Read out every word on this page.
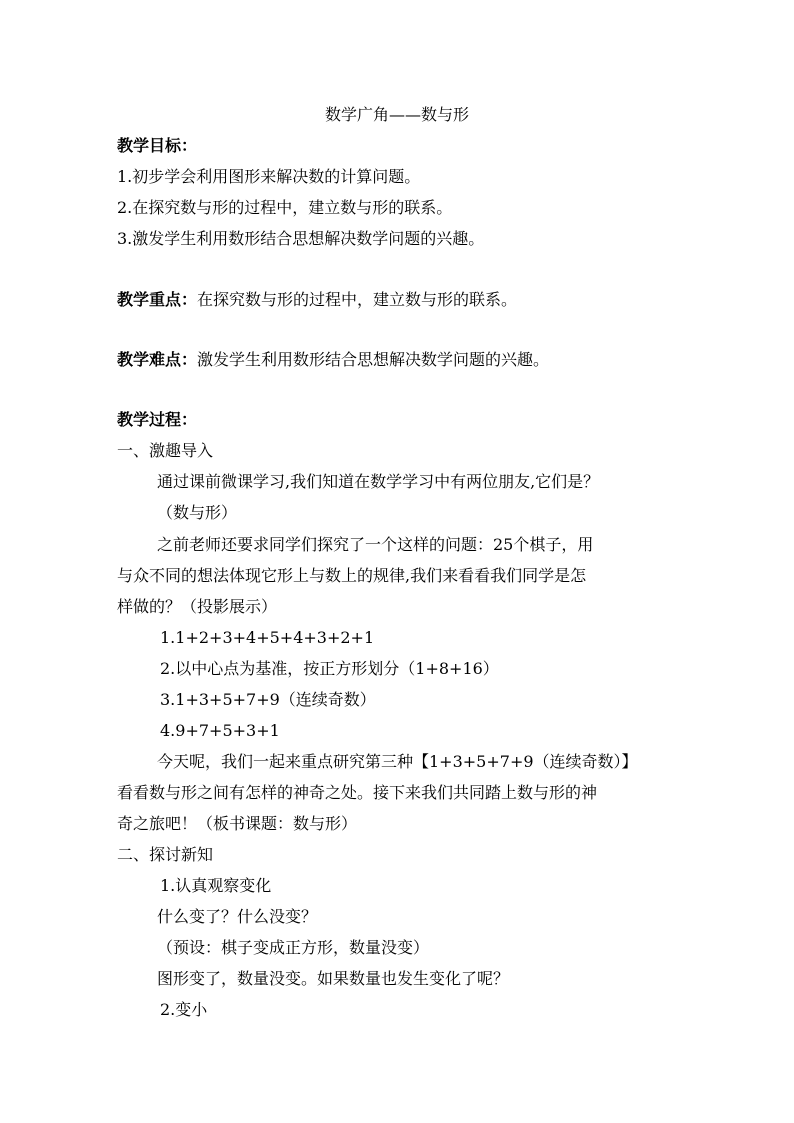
数学广角——数与形
教学目标：
1.初步学会利用图形来解决数的计算问题。
2.在探究数与形的过程中，建立数与形的联系。
3.激发学生利用数形结合思想解决数学问题的兴趣。
教学重点：在探究数与形的过程中，建立数与形的联系。
教学难点：激发学生利用数形结合思想解决数学问题的兴趣。
教学过程：
一、激趣导入
通过课前微课学习,我们知道在数学学习中有两位朋友,它们是？
（数与形）
之前老师还要求同学们探究了一个这样的问题：25个棋子，用
与众不同的想法体现它形上与数上的规律,我们来看看我们同学是怎
样做的？（投影展示）
1.1+2+3+4+5+4+3+2+1
2.以中心点为基准，按正方形划分（1+8+16）
3.1+3+5+7+9（连续奇数）
4.9+7+5+3+1
今天呢，我们一起来重点研究第三种【1+3+5+7+9（连续奇数）】
看看数与形之间有怎样的神奇之处。接下来我们共同踏上数与形的神
奇之旅吧！（板书课题：数与形）
二、探讨新知
1.认真观察变化
什么变了？什么没变？
（预设：棋子变成正方形，数量没变）
图形变了，数量没变。如果数量也发生变化了呢？
2.变小
